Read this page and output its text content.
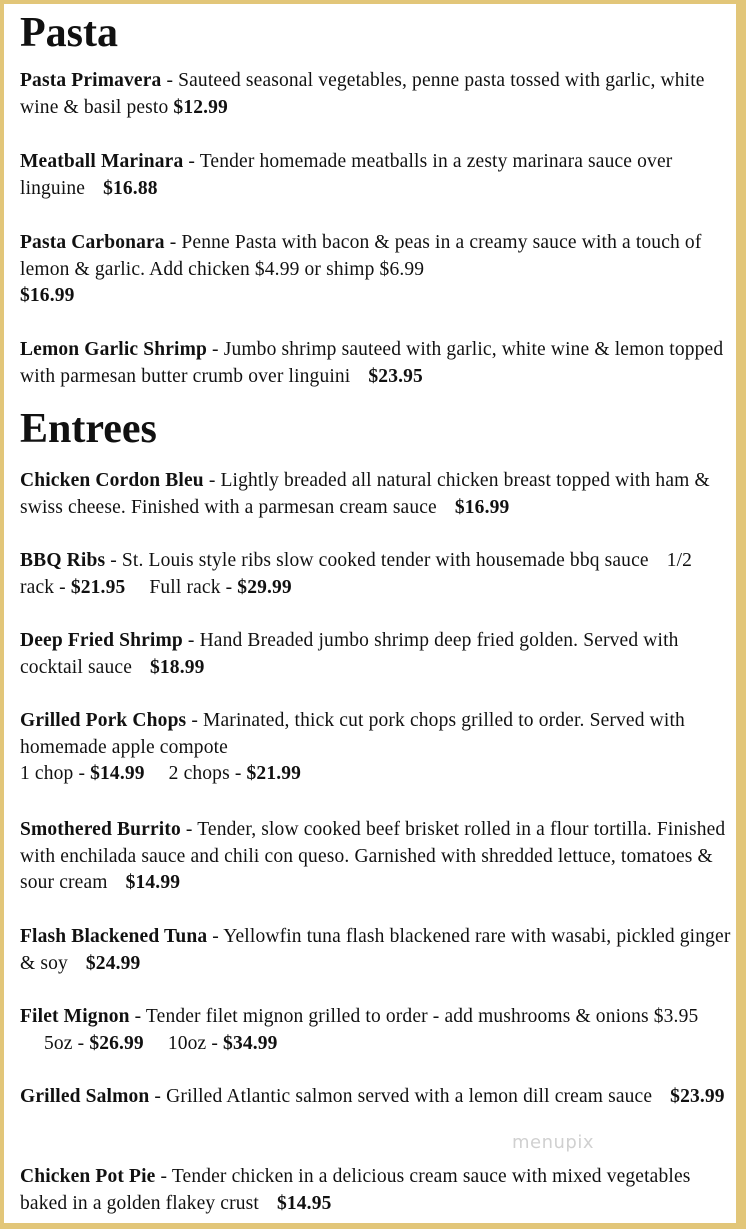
Pasta
Pasta Primavera - Sauteed seasonal vegetables, penne pasta tossed with garlic, white wine & basil pesto $12.99
Meatball Marinara - Tender homemade meatballs in a zesty marinara sauce over linguine $16.88
Pasta Carbonara - Penne Pasta with bacon & peas in a creamy sauce with a touch of lemon & garlic. Add chicken $4.99 or shimp $6.99
$16.99
Lemon Garlic Shrimp - Jumbo shrimp sauteed with garlic, white wine & lemon topped with parmesan butter crumb over linguini $23.95
Entrees
Chicken Cordon Bleu - Lightly breaded all natural chicken breast topped with ham & swiss cheese. Finished with a parmesan cream sauce $16.99
BBQ Ribs - St. Louis style ribs slow cooked tender with housemade bbq sauce 1/2 rack - $21.95 Full rack - $29.99
Deep Fried Shrimp - Hand Breaded jumbo shrimp deep fried golden. Served with cocktail sauce $18.99
Grilled Pork Chops - Marinated, thick cut pork chops grilled to order. Served with homemade apple compote
1 chop - $14.99 2 chops - $21.99
Smothered Burrito - Tender, slow cooked beef brisket rolled in a flour tortilla. Finished with enchilada sauce and chili con queso. Garnished with shredded lettuce, tomatoes & sour cream $14.99
Flash Blackened Tuna - Yellowfin tuna flash blackened rare with wasabi, pickled ginger & soy $24.99
Filet Mignon - Tender filet mignon grilled to order - add mushrooms & onions $3.955oz - $26.99 10oz - $34.99
Grilled Salmon - Grilled Atlantic salmon served with a lemon dill cream sauce $23.99
Chicken Pot Pie - Tender chicken in a delicious cream sauce with mixed vegetables baked in a golden flakey crust $14.95
menupix
